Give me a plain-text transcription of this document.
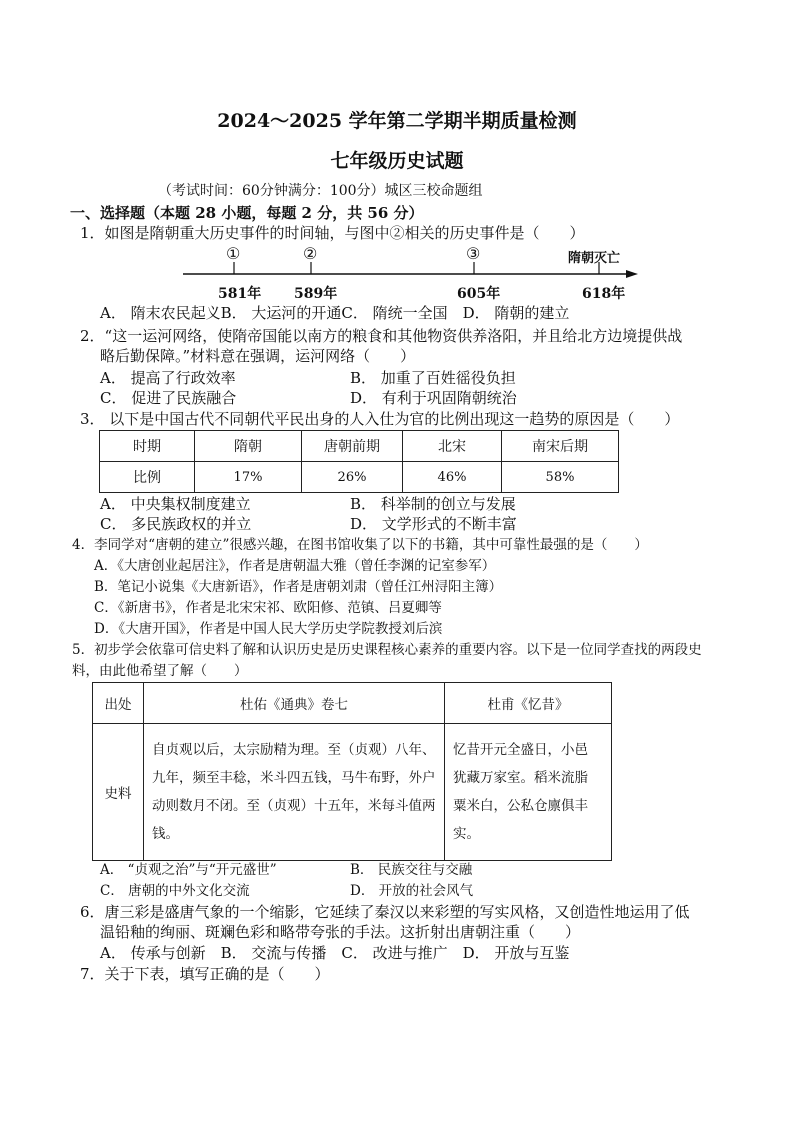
2024～2025 学年第二学期半期质量检测
七年级历史试题
（考试时间：60分钟满分：100分）城区三校命题组
一、选择题（本题 28 小题，每题 2 分，共 56 分）
1．如图是隋朝重大历史事件的时间轴，与图中②相关的历史事件是（　　）
①	②	③	隋朝灭亡
581年 589年	605年	618年
A． 隋末农民起义B． 大运河的开通C． 隋统一全国　D． 隋朝的建立
2．“这一运河网络，使隋帝国能以南方的粮食和其他物资供养洛阳，并且给北方边境提供战
略后勤保障。”材料意在强调，运河网络（　　）
A． 提高了行政效率	B． 加重了百姓徭役负担
C． 促进了民族融合	D． 有利于巩固隋朝统治
3． 以下是中国古代不同朝代平民出身的人入仕为官的比例出现这一趋势的原因是（　　）
时期	隋朝	唐朝前期	北宋	南宋后期
比例	17%	26%	46%	58%
A． 中央集权制度建立	B． 科举制的创立与发展
C． 多民族政权的并立	D． 文学形式的不断丰富
4．李同学对“唐朝的建立”很感兴趣，在图书馆收集了以下的书籍，其中可靠性最强的是（　　）
A．《大唐创业起居注》，作者是唐朝温大雅（曾任李渊的记室参军）
B．笔记小说集《大唐新语》，作者是唐朝刘肃（曾任江州浔阳主簿）
C．《新唐书》，作者是北宋宋祁、欧阳修、范镇、吕夏卿等
D．《大唐开国》，作者是中国人民大学历史学院教授刘后滨
5．初步学会依靠可信史料了解和认识历史是历史课程核心素养的重要内容。以下是一位同学查找的两段史
料，由此他希望了解（　　）
出处	杜佑《通典》卷七	杜甫《忆昔》
史料	自贞观以后，太宗励精为理。至（贞观）八年、九年，频至丰稔，米斗四五钱，马牛布野，外户动则数月不闭。至（贞观）十五年，米每斗值两钱。	忆昔开元全盛日，小邑犹藏万家室。稻米流脂粟米白，公私仓廪俱丰实。
A． “贞观之治”与“开元盛世”	B． 民族交往与交融
C． 唐朝的中外文化交流	D． 开放的社会风气
6．唐三彩是盛唐气象的一个缩影，它延续了秦汉以来彩塑的写实风格，又创造性地运用了低
温铅釉的绚丽、斑斓色彩和略带夸张的手法。这折射出唐朝注重（　　）
A． 传承与创新　B． 交流与传播　C． 改进与推广　D． 开放与互鉴
7．关于下表，填写正确的是（　　）
